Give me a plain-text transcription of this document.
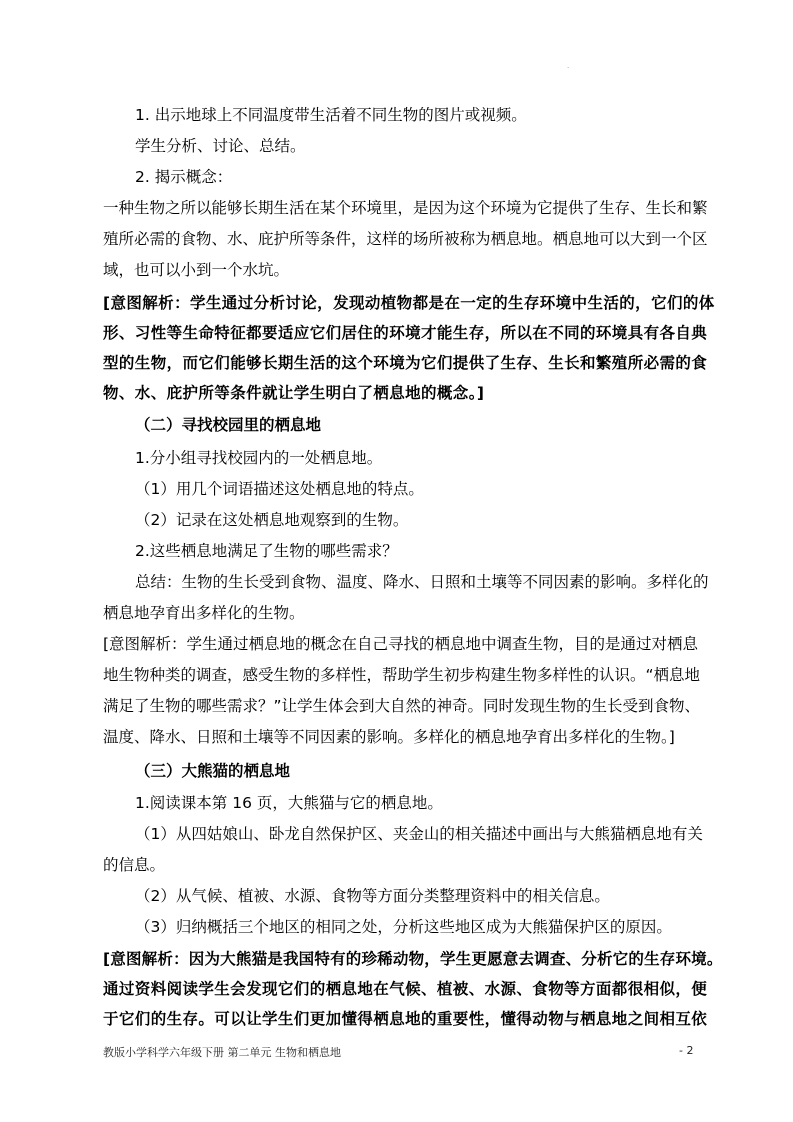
.
1. 出示地球上不同温度带生活着不同生物的图片或视频。
学生分析、讨论、总结。
2. 揭示概念：
一种生物之所以能够长期生活在某个环境里，是因为这个环境为它提供了生存、生长和繁
殖所必需的食物、水、庇护所等条件，这样的场所被称为栖息地。栖息地可以大到一个区
域，也可以小到一个水坑。
[意图解析：学生通过分析讨论，发现动植物都是在一定的生存环境中生活的，它们的体
形、习性等生命特征都要适应它们居住的环境才能生存，所以在不同的环境具有各自典
型的生物，而它们能够长期生活的这个环境为它们提供了生存、生长和繁殖所必需的食
物、水、庇护所等条件就让学生明白了栖息地的概念。]
（二）寻找校园里的栖息地
1.分小组寻找校园内的一处栖息地。
（1）用几个词语描述这处栖息地的特点。
（2）记录在这处栖息地观察到的生物。
2.这些栖息地满足了生物的哪些需求？
总结：生物的生长受到食物、温度、降水、日照和土壤等不同因素的影响。多样化的
栖息地孕育出多样化的生物。
[意图解析：学生通过栖息地的概念在自己寻找的栖息地中调查生物，目的是通过对栖息
地生物种类的调查，感受生物的多样性，帮助学生初步构建生物多样性的认识。“栖息地
满足了生物的哪些需求？”让学生体会到大自然的神奇。同时发现生物的生长受到食物、
温度、降水、日照和土壤等不同因素的影响。多样化的栖息地孕育出多样化的生物。]
（三）大熊猫的栖息地
1.阅读课本第 16 页，大熊猫与它的栖息地。
（1）从四姑娘山、卧龙自然保护区、夹金山的相关描述中画出与大熊猫栖息地有关
的信息。
（2）从气候、植被、水源、食物等方面分类整理资料中的相关信息。
（3）归纳概括三个地区的相同之处，分析这些地区成为大熊猫保护区的原因。
[意图解析：因为大熊猫是我国特有的珍稀动物，学生更愿意去调查、分析它的生存环境。
通过资料阅读学生会发现它们的栖息地在气候、植被、水源、食物等方面都很相似，便
于它们的生存。可以让学生们更加懂得栖息地的重要性，懂得动物与栖息地之间相互依
教版小学科学六年级下册 第二单元 生物和栖息地	- 2
